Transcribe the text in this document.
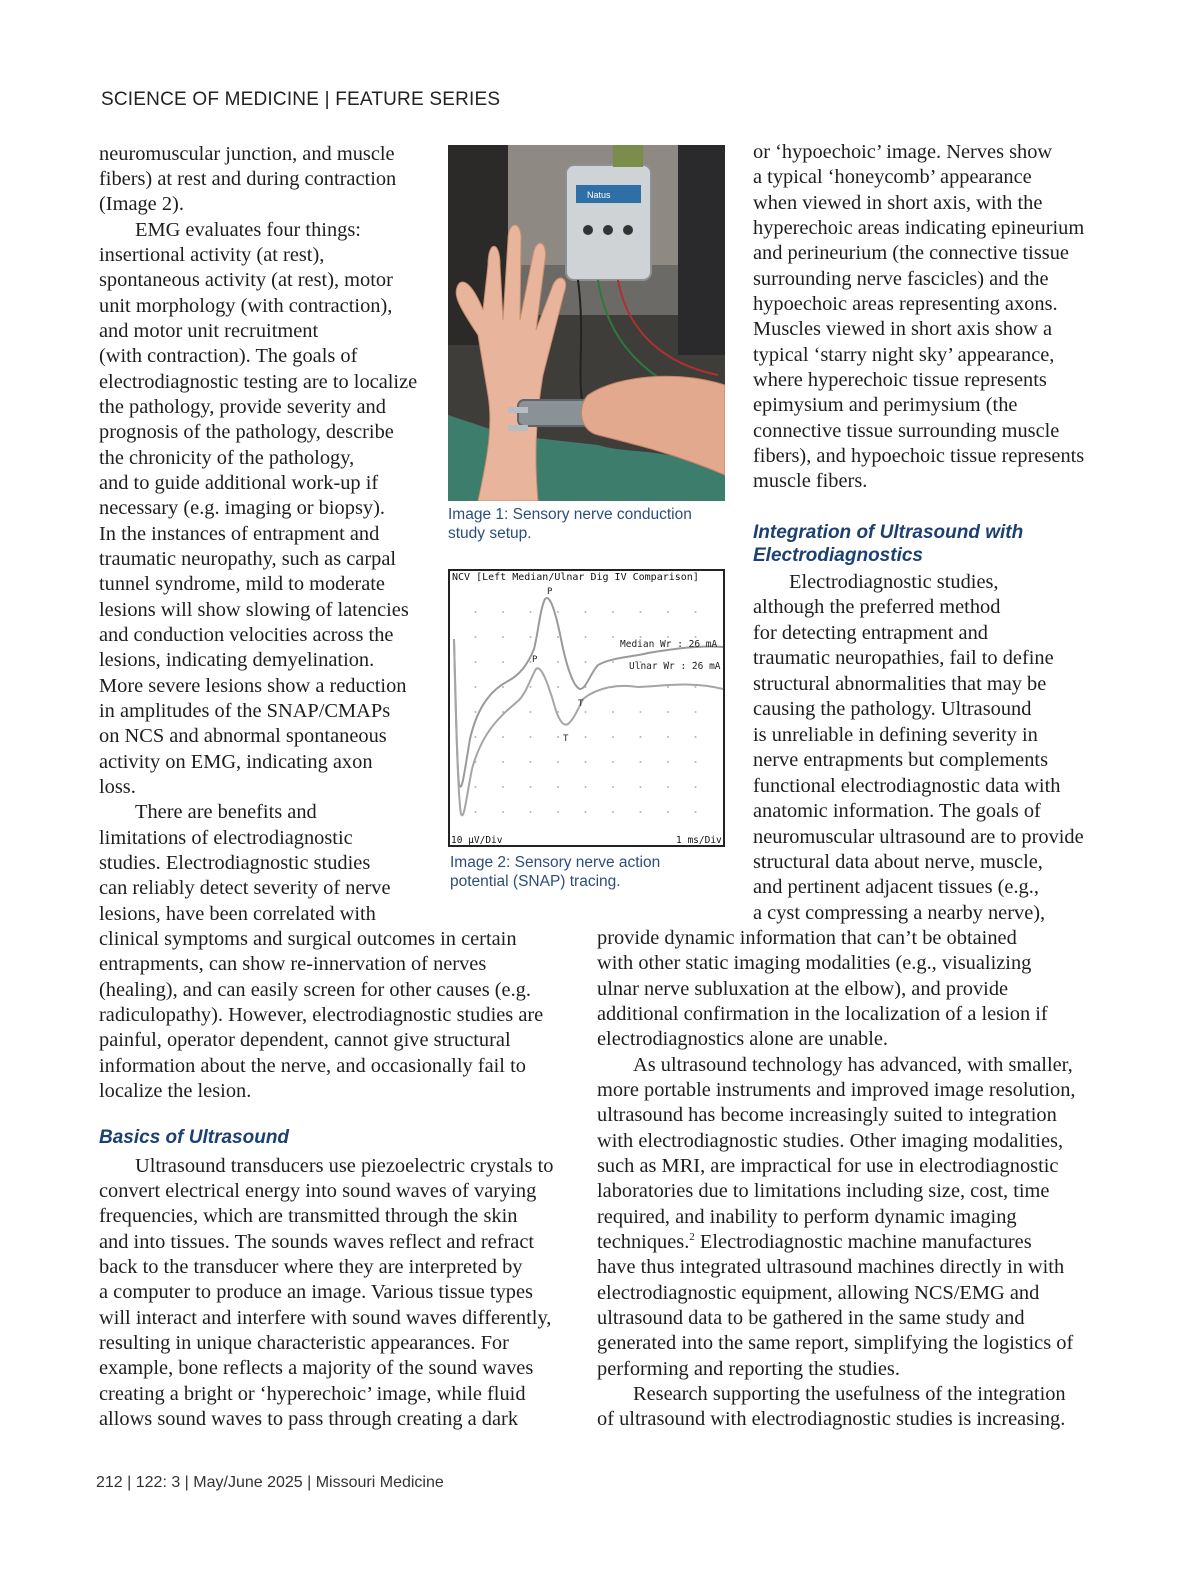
SCIENCE OF MEDICINE | FEATURE SERIES
neuromuscular junction, and muscle
fibers) at rest and during contraction
(Image 2).
EMG evaluates four things:
insertional activity (at rest),
spontaneous activity (at rest), motor
unit morphology (with contraction),
and motor unit recruitment
(with contraction). The goals of
electrodiagnostic testing are to localize
the pathology, provide severity and
prognosis of the pathology, describe
the chronicity of the pathology,
and to guide additional work-up if
necessary (e.g. imaging or biopsy).
In the instances of entrapment and
traumatic neuropathy, such as carpal
tunnel syndrome, mild to moderate
lesions will show slowing of latencies
and conduction velocities across the
lesions, indicating demyelination.
More severe lesions show a reduction
in amplitudes of the SNAP/CMAPs
on NCS and abnormal spontaneous
activity on EMG, indicating axon
loss.
There are benefits and
limitations of electrodiagnostic
studies. Electrodiagnostic studies
can reliably detect severity of nerve
lesions, have been correlated with
clinical symptoms and surgical outcomes in certain
entrapments, can show re-innervation of nerves
(healing), and can easily screen for other causes (e.g.
radiculopathy). However, electrodiagnostic studies are
painful, operator dependent, cannot give structural
information about the nerve, and occasionally fail to
localize the lesion.
Basics of Ultrasound
Ultrasound transducers use piezoelectric crystals to
convert electrical energy into sound waves of varying
frequencies, which are transmitted through the skin
and into tissues. The sounds waves reflect and refract
back to the transducer where they are interpreted by
a computer to produce an image. Various tissue types
will interact and interfere with sound waves differently,
resulting in unique characteristic appearances. For
example, bone reflects a majority of the sound waves
creating a bright or ‘hyperechoic’ image, while fluid
allows sound waves to pass through creating a dark
Natus
Image 1: Sensory nerve conduction
study setup.
NCV [Left Median/Ulnar Dig IV Comparison]
P
P
T
T
Median Wr : 26 mA
Ulnar Wr : 26 mA
10 µV/Div	1 ms/Div
Image 2: Sensory nerve action
potential (SNAP) tracing.
or ‘hypoechoic’ image. Nerves show
a typical ‘honeycomb’ appearance
when viewed in short axis, with the
hyperechoic areas indicating epineurium
and perineurium (the connective tissue
surrounding nerve fascicles) and the
hypoechoic areas representing axons.
Muscles viewed in short axis show a
typical ‘starry night sky’ appearance,
where hyperechoic tissue represents
epimysium and perimysium (the
connective tissue surrounding muscle
fibers), and hypoechoic tissue represents
muscle fibers.
Integration of Ultrasound with
Electrodiagnostics
Electrodiagnostic studies,
although the preferred method
for detecting entrapment and
traumatic neuropathies, fail to define
structural abnormalities that may be
causing the pathology. Ultrasound
is unreliable in defining severity in
nerve entrapments but complements
functional electrodiagnostic data with
anatomic information. The goals of
neuromuscular ultrasound are to provide
structural data about nerve, muscle,
and pertinent adjacent tissues (e.g.,
a cyst compressing a nearby nerve),
provide dynamic information that can’t be obtained
with other static imaging modalities (e.g., visualizing
ulnar nerve subluxation at the elbow), and provide
additional confirmation in the localization of a lesion if
electrodiagnostics alone are unable.
As ultrasound technology has advanced, with smaller,
more portable instruments and improved image resolution,
ultrasound has become increasingly suited to integration
with electrodiagnostic studies. Other imaging modalities,
such as MRI, are impractical for use in electrodiagnostic
laboratories due to limitations including size, cost, time
required, and inability to perform dynamic imaging
techniques.$^2$ Electrodiagnostic machine manufactures
have thus integrated ultrasound machines directly in with
electrodiagnostic equipment, allowing NCS/EMG and
ultrasound data to be gathered in the same study and
generated into the same report, simplifying the logistics of
performing and reporting the studies.
Research supporting the usefulness of the integration
of ultrasound with electrodiagnostic studies is increasing.
212 | 122: 3 | May/June 2025 | Missouri Medicine
